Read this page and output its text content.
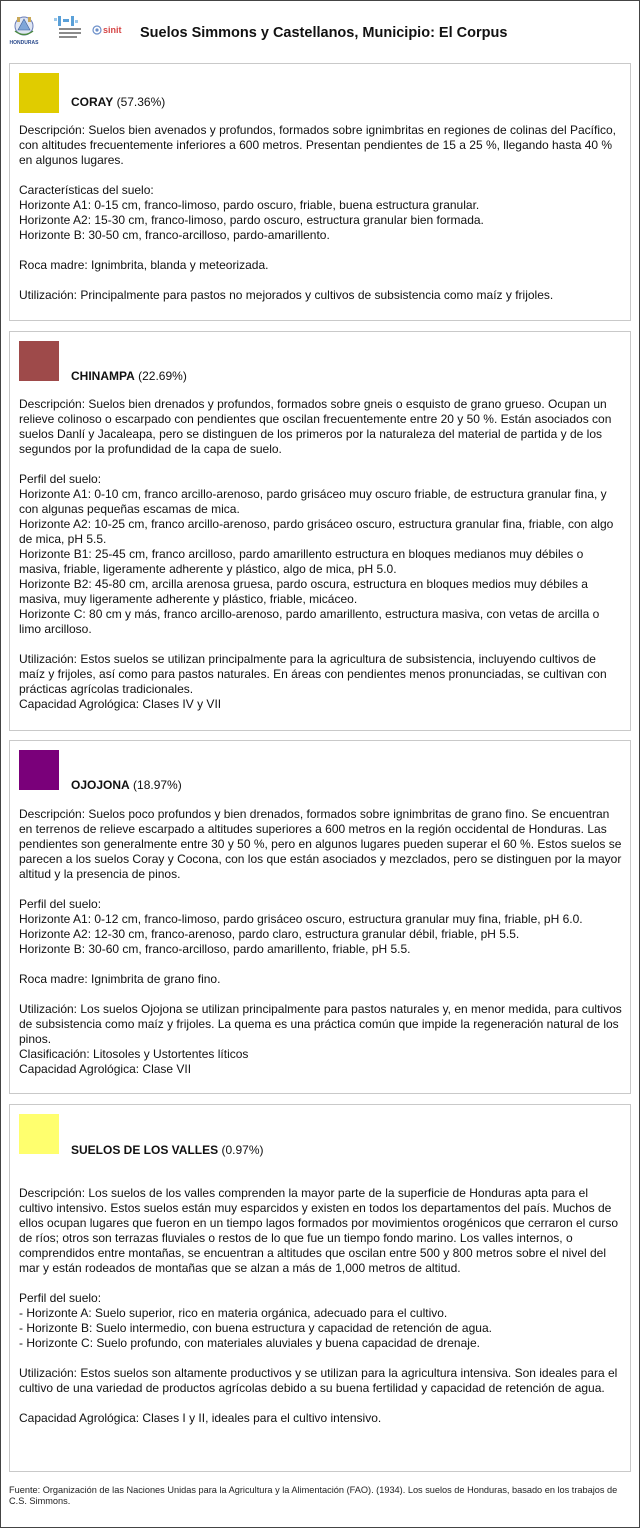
HONDURAS
sinit Suelos Simmons y Castellanos, Municipio: El Corpus
CORAY (57.36%)
Descripción: Suelos bien avenados y profundos, formados sobre ignimbritas en regiones de colinas del Pacífico, con altitudes frecuentemente inferiores a 600 metros. Presentan pendientes de 15 a 25 %, llegando hasta 40 % en algunos lugares.

Características del suelo:
Horizonte A1: 0-15 cm, franco-limoso, pardo oscuro, friable, buena estructura granular.
Horizonte A2: 15-30 cm, franco-limoso, pardo oscuro, estructura granular bien formada.
Horizonte B: 30-50 cm, franco-arcilloso, pardo-amarillento.

Roca madre: Ignimbrita, blanda y meteorizada.

Utilización: Principalmente para pastos no mejorados y cultivos de subsistencia como maíz y frijoles.
CHINAMPA (22.69%)
Descripción: Suelos bien drenados y profundos, formados sobre gneis o esquisto de grano grueso. Ocupan un relieve colinoso o escarpado con pendientes que oscilan frecuentemente entre 20 y 50 %. Están asociados con suelos Danlí y Jacaleapa, pero se distinguen de los primeros por la naturaleza del material de partida y de los segundos por la profundidad de la capa de suelo.

Perfil del suelo:
Horizonte A1: 0-10 cm, franco arcillo-arenoso, pardo grisáceo muy oscuro friable, de estructura granular fina, y con algunas pequeñas escamas de mica.
Horizonte A2: 10-25 cm, franco arcillo-arenoso, pardo grisáceo oscuro, estructura granular fina, friable, con algo de mica, pH 5.5.
Horizonte B1: 25-45 cm, franco arcilloso, pardo amarillento estructura en bloques medianos muy débiles o masiva, friable, ligeramente adherente y plástico, algo de mica, pH 5.0.
Horizonte B2: 45-80 cm, arcilla arenosa gruesa, pardo oscura, estructura en bloques medios muy débiles a masiva, muy ligeramente adherente y plástico, friable, micáceo.
Horizonte C: 80 cm y más, franco arcillo-arenoso, pardo amarillento, estructura masiva, con vetas de arcilla o limo arcilloso.

Utilización: Estos suelos se utilizan principalmente para la agricultura de subsistencia, incluyendo cultivos de maíz y frijoles, así como para pastos naturales. En áreas con pendientes menos pronunciadas, se cultivan con prácticas agrícolas tradicionales.
Capacidad Agrológica: Clases IV y VII
OJOJONA (18.97%)
Descripción: Suelos poco profundos y bien drenados, formados sobre ignimbritas de grano fino. Se encuentran en terrenos de relieve escarpado a altitudes superiores a 600 metros en la región occidental de Honduras. Las pendientes son generalmente entre 30 y 50 %, pero en algunos lugares pueden superar el 60 %. Estos suelos se parecen a los suelos Coray y Cocona, con los que están asociados y mezclados, pero se distinguen por la mayor altitud y la presencia de pinos.

Perfil del suelo:
Horizonte A1: 0-12 cm, franco-limoso, pardo grisáceo oscuro, estructura granular muy fina, friable, pH 6.0.
Horizonte A2: 12-30 cm, franco-arenoso, pardo claro, estructura granular débil, friable, pH 5.5.
Horizonte B: 30-60 cm, franco-arcilloso, pardo amarillento, friable, pH 5.5.

Roca madre: Ignimbrita de grano fino.

Utilización: Los suelos Ojojona se utilizan principalmente para pastos naturales y, en menor medida, para cultivos de subsistencia como maíz y frijoles. La quema es una práctica común que impide la regeneración natural de los pinos.
Clasificación: Litosoles y Ustortentes líticos
Capacidad Agrológica: Clase VII
SUELOS DE LOS VALLES (0.97%)
Descripción: Los suelos de los valles comprenden la mayor parte de la superficie de Honduras apta para el cultivo intensivo. Estos suelos están muy esparcidos y existen en todos los departamentos del país. Muchos de ellos ocupan lugares que fueron en un tiempo lagos formados por movimientos orogénicos que cerraron el curso de ríos; otros son terrazas fluviales o restos de lo que fue un tiempo fondo marino. Los valles internos, o comprendidos entre montañas, se encuentran a altitudes que oscilan entre 500 y 800 metros sobre el nivel del mar y están rodeados de montañas que se alzan a más de 1,000 metros de altitud.

Perfil del suelo:
- Horizonte A: Suelo superior, rico en materia orgánica, adecuado para el cultivo.
- Horizonte B: Suelo intermedio, con buena estructura y capacidad de retención de agua.
- Horizonte C: Suelo profundo, con materiales aluviales y buena capacidad de drenaje.

Utilización: Estos suelos son altamente productivos y se utilizan para la agricultura intensiva. Son ideales para el cultivo de una variedad de productos agrícolas debido a su buena fertilidad y capacidad de retención de agua.

Capacidad Agrológica: Clases I y II, ideales para el cultivo intensivo.
Fuente: Organización de las Naciones Unidas para la Agricultura y la Alimentación (FAO). (1934). Los suelos de Honduras, basado en los trabajos de C.S. Simmons.
